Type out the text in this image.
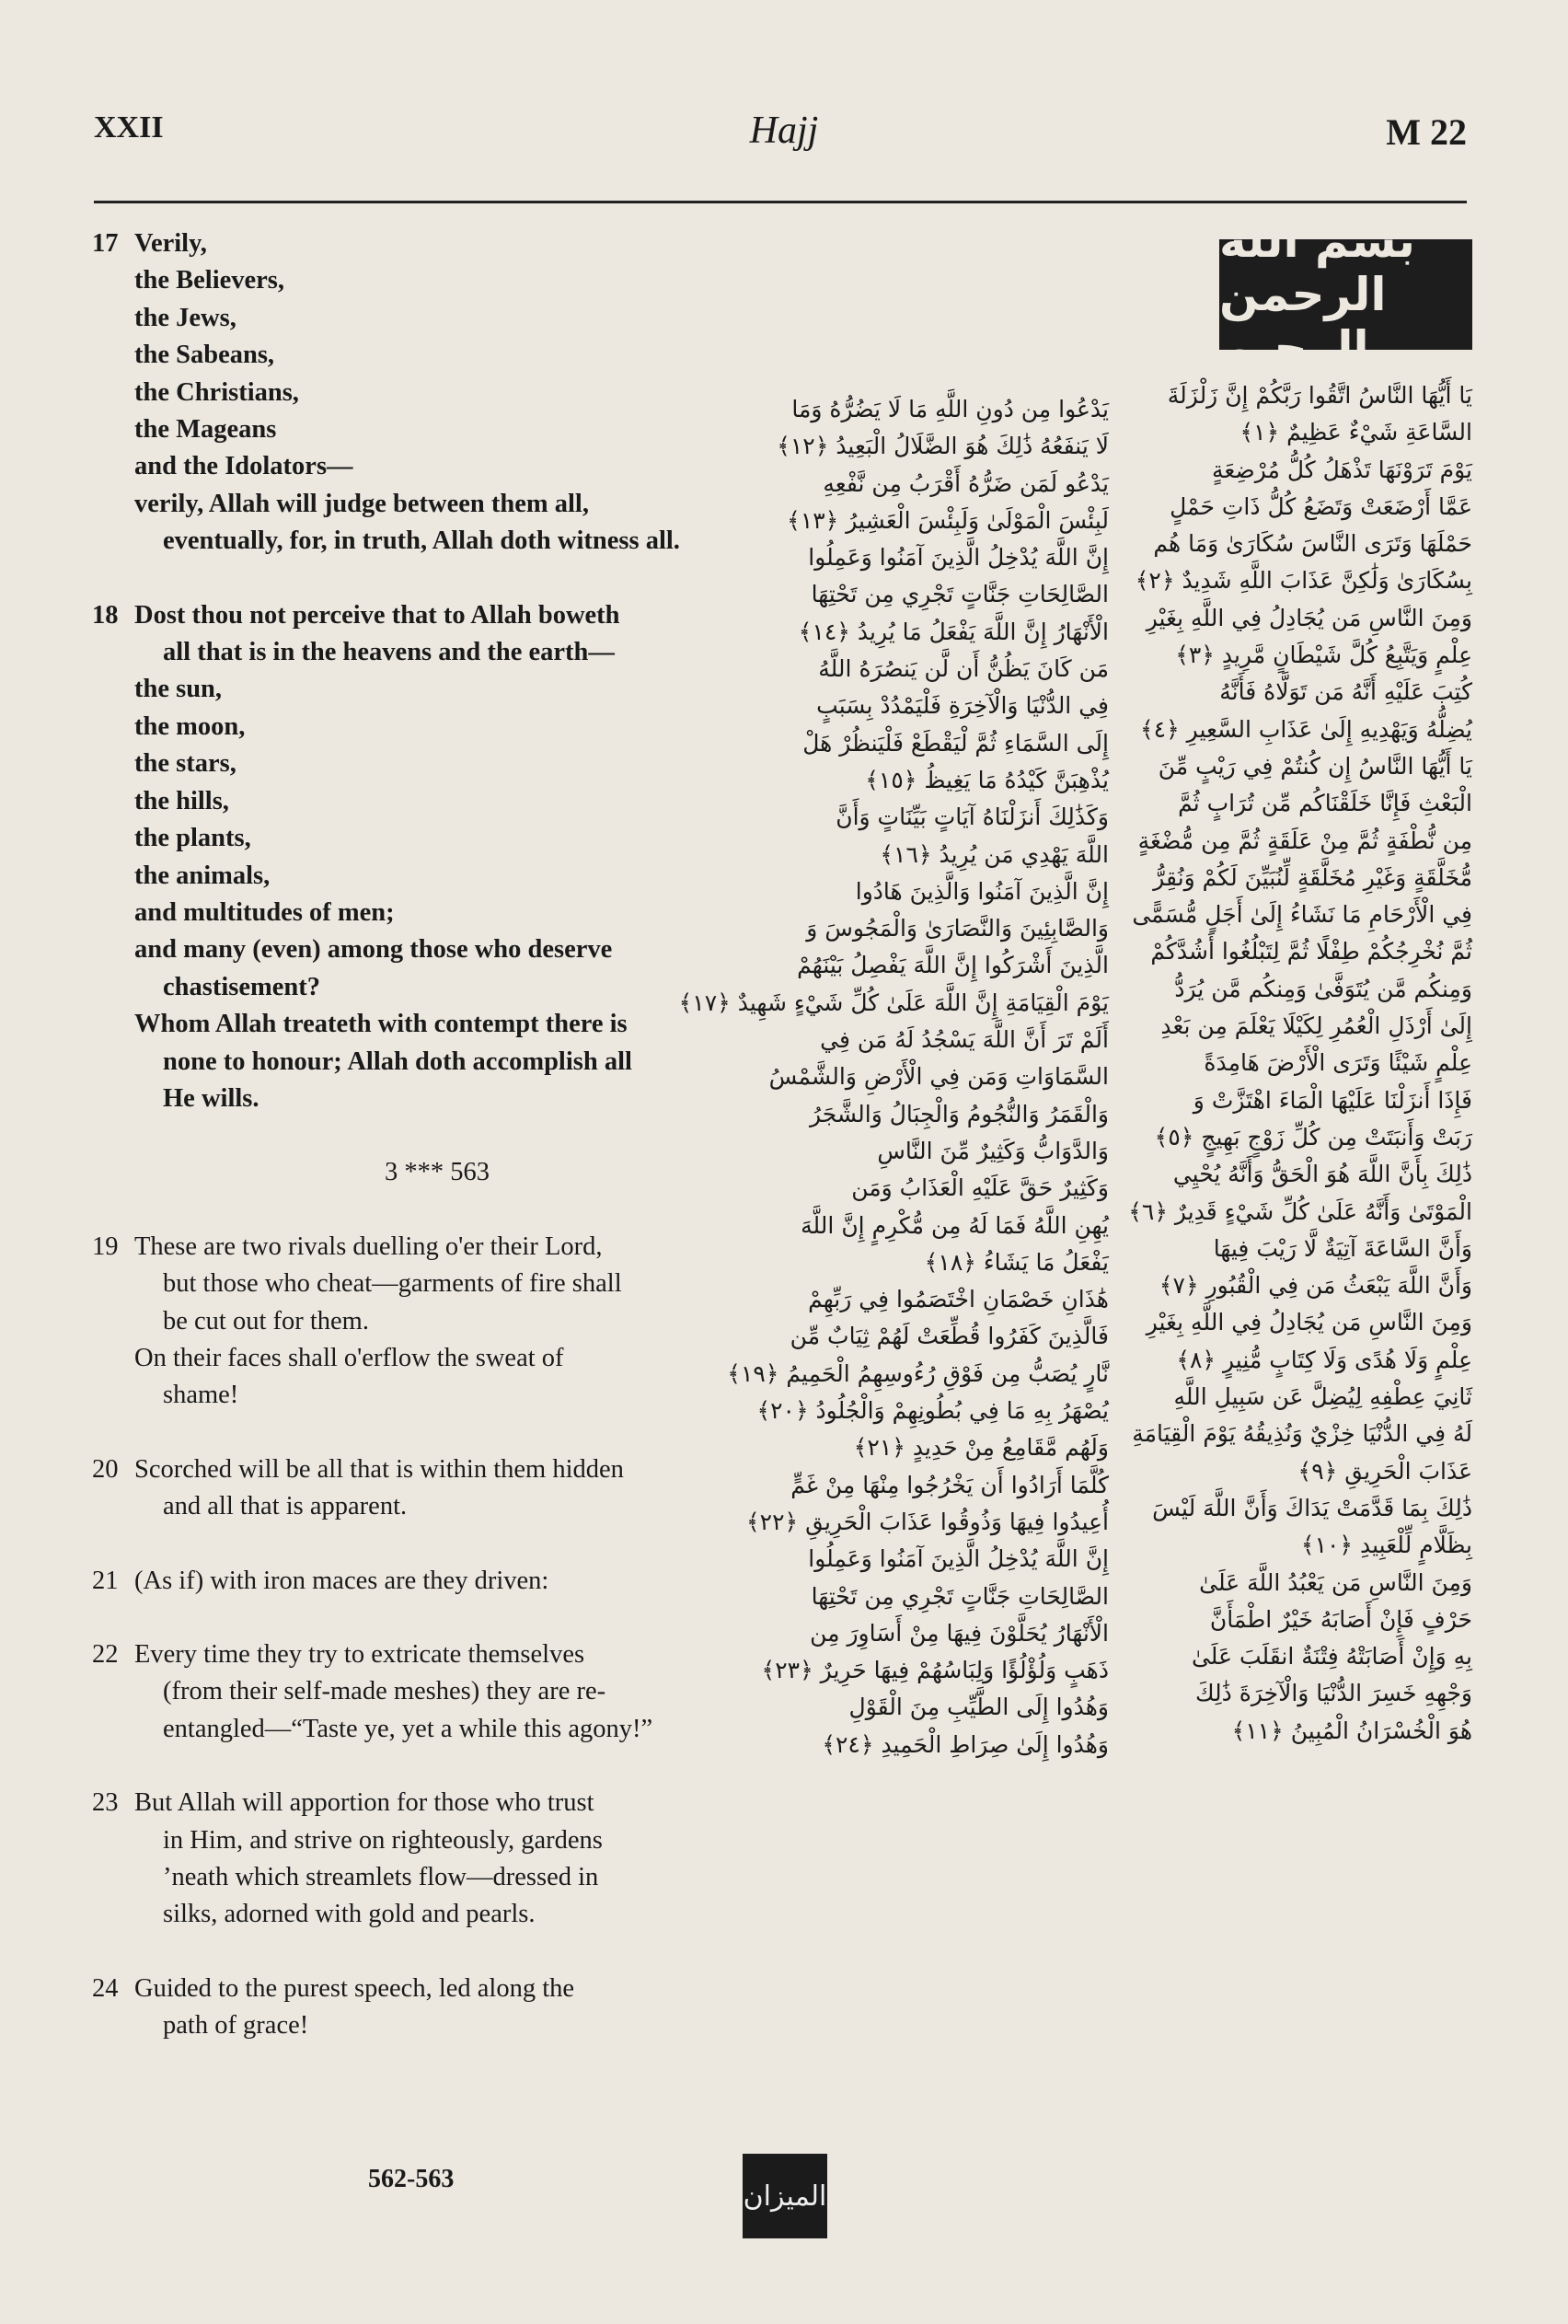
XXII	Hajj	M 22
17 Verily,
the Believers,
the Jews,
the Sabeans,
the Christians,
the Mageans
and the Idolators—
verily, Allah will judge between them all,
eventually, for, in truth, Allah doth witness all.
18 Dost thou not perceive that to Allah boweth
all that is in the heavens and the earth—
the sun,
the moon,
the stars,
the hills,
the plants,
the animals,
and multitudes of men;
and many (even) among those who deserve
chastisement?
Whom Allah treateth with contempt there is
none to honour; Allah doth accomplish all
He wills.
3 *** 563
19 These are two rivals duelling o'er their Lord,
but those who cheat—garments of fire shall
be cut out for them.
On their faces shall o'erflow the sweat of
shame!
20 Scorched will be all that is within them hidden
and all that is apparent.
21 (As if) with iron maces are they driven:
22 Every time they try to extricate themselves
(from their self-made meshes) they are re-
entangled—“Taste ye, yet a while this agony!”
23 But Allah will apportion for those who trust
in Him, and strive on righteously, gardens
’neath which streamlets flow—dressed in
silks, adorned with gold and pearls.
24 Guided to the purest speech, led along the
path of grace!
بسم الله الرحمن الرحيم
يَدْعُوا مِن دُونِ اللَّهِ مَا لَا يَضُرُّهُ وَمَا
لَا يَنفَعُهُ ذَٰلِكَ هُوَ الضَّلَالُ الْبَعِيدُ ﴿١٢﴾
يَدْعُو لَمَن ضَرُّهُ أَقْرَبُ مِن نَّفْعِهِ
لَبِئْسَ الْمَوْلَىٰ وَلَبِئْسَ الْعَشِيرُ ﴿١٣﴾
إِنَّ اللَّهَ يُدْخِلُ الَّذِينَ آمَنُوا وَعَمِلُوا
الصَّالِحَاتِ جَنَّاتٍ تَجْرِي مِن تَحْتِهَا
الْأَنْهَارُ إِنَّ اللَّهَ يَفْعَلُ مَا يُرِيدُ ﴿١٤﴾
مَن كَانَ يَظُنُّ أَن لَّن يَنصُرَهُ اللَّهُ
فِي الدُّنْيَا وَالْآخِرَةِ فَلْيَمْدُدْ بِسَبَبٍ
إِلَى السَّمَاءِ ثُمَّ لْيَقْطَعْ فَلْيَنظُرْ هَلْ
يُذْهِبَنَّ كَيْدُهُ مَا يَغِيظُ ﴿١٥﴾
وَكَذَٰلِكَ أَنزَلْنَاهُ آيَاتٍ بَيِّنَاتٍ وَأَنَّ
اللَّهَ يَهْدِي مَن يُرِيدُ ﴿١٦﴾
إِنَّ الَّذِينَ آمَنُوا وَالَّذِينَ هَادُوا
وَالصَّابِئِينَ وَالنَّصَارَىٰ وَالْمَجُوسَ وَ
الَّذِينَ أَشْرَكُوا إِنَّ اللَّهَ يَفْصِلُ بَيْنَهُمْ
يَوْمَ الْقِيَامَةِ إِنَّ اللَّهَ عَلَىٰ كُلِّ شَيْءٍ شَهِيدٌ ﴿١٧﴾
أَلَمْ تَرَ أَنَّ اللَّهَ يَسْجُدُ لَهُ مَن فِي
السَّمَاوَاتِ وَمَن فِي الْأَرْضِ وَالشَّمْسُ
وَالْقَمَرُ وَالنُّجُومُ وَالْجِبَالُ وَالشَّجَرُ
وَالدَّوَابُّ وَكَثِيرٌ مِّنَ النَّاسِ
وَكَثِيرٌ حَقَّ عَلَيْهِ الْعَذَابُ وَمَن
يُهِنِ اللَّهُ فَمَا لَهُ مِن مُّكْرِمٍ إِنَّ اللَّهَ
يَفْعَلُ مَا يَشَاءُ ﴿١٨﴾
هَٰذَانِ خَصْمَانِ اخْتَصَمُوا فِي رَبِّهِمْ
فَالَّذِينَ كَفَرُوا قُطِّعَتْ لَهُمْ ثِيَابٌ مِّن
نَّارٍ يُصَبُّ مِن فَوْقِ رُءُوسِهِمُ الْحَمِيمُ ﴿١٩﴾
يُصْهَرُ بِهِ مَا فِي بُطُونِهِمْ وَالْجُلُودُ ﴿٢٠﴾
وَلَهُم مَّقَامِعُ مِنْ حَدِيدٍ ﴿٢١﴾
كُلَّمَا أَرَادُوا أَن يَخْرُجُوا مِنْهَا مِنْ غَمٍّ
أُعِيدُوا فِيهَا وَذُوقُوا عَذَابَ الْحَرِيقِ ﴿٢٢﴾
إِنَّ اللَّهَ يُدْخِلُ الَّذِينَ آمَنُوا وَعَمِلُوا
الصَّالِحَاتِ جَنَّاتٍ تَجْرِي مِن تَحْتِهَا
الْأَنْهَارُ يُحَلَّوْنَ فِيهَا مِنْ أَسَاوِرَ مِن
ذَهَبٍ وَلُؤْلُؤًا وَلِبَاسُهُمْ فِيهَا حَرِيرٌ ﴿٢٣﴾
وَهُدُوا إِلَى الطَّيِّبِ مِنَ الْقَوْلِ
وَهُدُوا إِلَىٰ صِرَاطِ الْحَمِيدِ ﴿٢٤﴾
يَا أَيُّهَا النَّاسُ اتَّقُوا رَبَّكُمْ إِنَّ زَلْزَلَةَ
السَّاعَةِ شَيْءٌ عَظِيمٌ ﴿١﴾
يَوْمَ تَرَوْنَهَا تَذْهَلُ كُلُّ مُرْضِعَةٍ
عَمَّا أَرْضَعَتْ وَتَضَعُ كُلُّ ذَاتِ حَمْلٍ
حَمْلَهَا وَتَرَى النَّاسَ سُكَارَىٰ وَمَا هُم
بِسُكَارَىٰ وَلَٰكِنَّ عَذَابَ اللَّهِ شَدِيدٌ ﴿٢﴾
وَمِنَ النَّاسِ مَن يُجَادِلُ فِي اللَّهِ بِغَيْرِ
عِلْمٍ وَيَتَّبِعُ كُلَّ شَيْطَانٍ مَّرِيدٍ ﴿٣﴾
كُتِبَ عَلَيْهِ أَنَّهُ مَن تَوَلَّاهُ فَأَنَّهُ
يُضِلُّهُ وَيَهْدِيهِ إِلَىٰ عَذَابِ السَّعِيرِ ﴿٤﴾
يَا أَيُّهَا النَّاسُ إِن كُنتُمْ فِي رَيْبٍ مِّنَ
الْبَعْثِ فَإِنَّا خَلَقْنَاكُم مِّن تُرَابٍ ثُمَّ
مِن نُّطْفَةٍ ثُمَّ مِنْ عَلَقَةٍ ثُمَّ مِن مُّضْغَةٍ
مُّخَلَّقَةٍ وَغَيْرِ مُخَلَّقَةٍ لِّنُبَيِّنَ لَكُمْ وَنُقِرُّ
فِي الْأَرْحَامِ مَا نَشَاءُ إِلَىٰ أَجَلٍ مُّسَمًّى
ثُمَّ نُخْرِجُكُمْ طِفْلًا ثُمَّ لِتَبْلُغُوا أَشُدَّكُمْ
وَمِنكُم مَّن يُتَوَفَّىٰ وَمِنكُم مَّن يُرَدُّ
إِلَىٰ أَرْذَلِ الْعُمُرِ لِكَيْلَا يَعْلَمَ مِن بَعْدِ
عِلْمٍ شَيْئًا وَتَرَى الْأَرْضَ هَامِدَةً
فَإِذَا أَنزَلْنَا عَلَيْهَا الْمَاءَ اهْتَزَّتْ وَ
رَبَتْ وَأَنبَتَتْ مِن كُلِّ زَوْجٍ بَهِيجٍ ﴿٥﴾
ذَٰلِكَ بِأَنَّ اللَّهَ هُوَ الْحَقُّ وَأَنَّهُ يُحْيِي
الْمَوْتَىٰ وَأَنَّهُ عَلَىٰ كُلِّ شَيْءٍ قَدِيرٌ ﴿٦﴾
وَأَنَّ السَّاعَةَ آتِيَةٌ لَّا رَيْبَ فِيهَا
وَأَنَّ اللَّهَ يَبْعَثُ مَن فِي الْقُبُورِ ﴿٧﴾
وَمِنَ النَّاسِ مَن يُجَادِلُ فِي اللَّهِ بِغَيْرِ
عِلْمٍ وَلَا هُدًى وَلَا كِتَابٍ مُّنِيرٍ ﴿٨﴾
ثَانِيَ عِطْفِهِ لِيُضِلَّ عَن سَبِيلِ اللَّهِ
لَهُ فِي الدُّنْيَا خِزْيٌ وَنُذِيقُهُ يَوْمَ الْقِيَامَةِ
عَذَابَ الْحَرِيقِ ﴿٩﴾
ذَٰلِكَ بِمَا قَدَّمَتْ يَدَاكَ وَأَنَّ اللَّهَ لَيْسَ
بِظَلَّامٍ لِّلْعَبِيدِ ﴿١٠﴾
وَمِنَ النَّاسِ مَن يَعْبُدُ اللَّهَ عَلَىٰ
حَرْفٍ فَإِنْ أَصَابَهُ خَيْرٌ اطْمَأَنَّ
بِهِ وَإِنْ أَصَابَتْهُ فِتْنَةٌ انقَلَبَ عَلَىٰ
وَجْهِهِ خَسِرَ الدُّنْيَا وَالْآخِرَةَ ذَٰلِكَ
هُوَ الْخُسْرَانُ الْمُبِينُ ﴿١١﴾
562-563
الميزان
